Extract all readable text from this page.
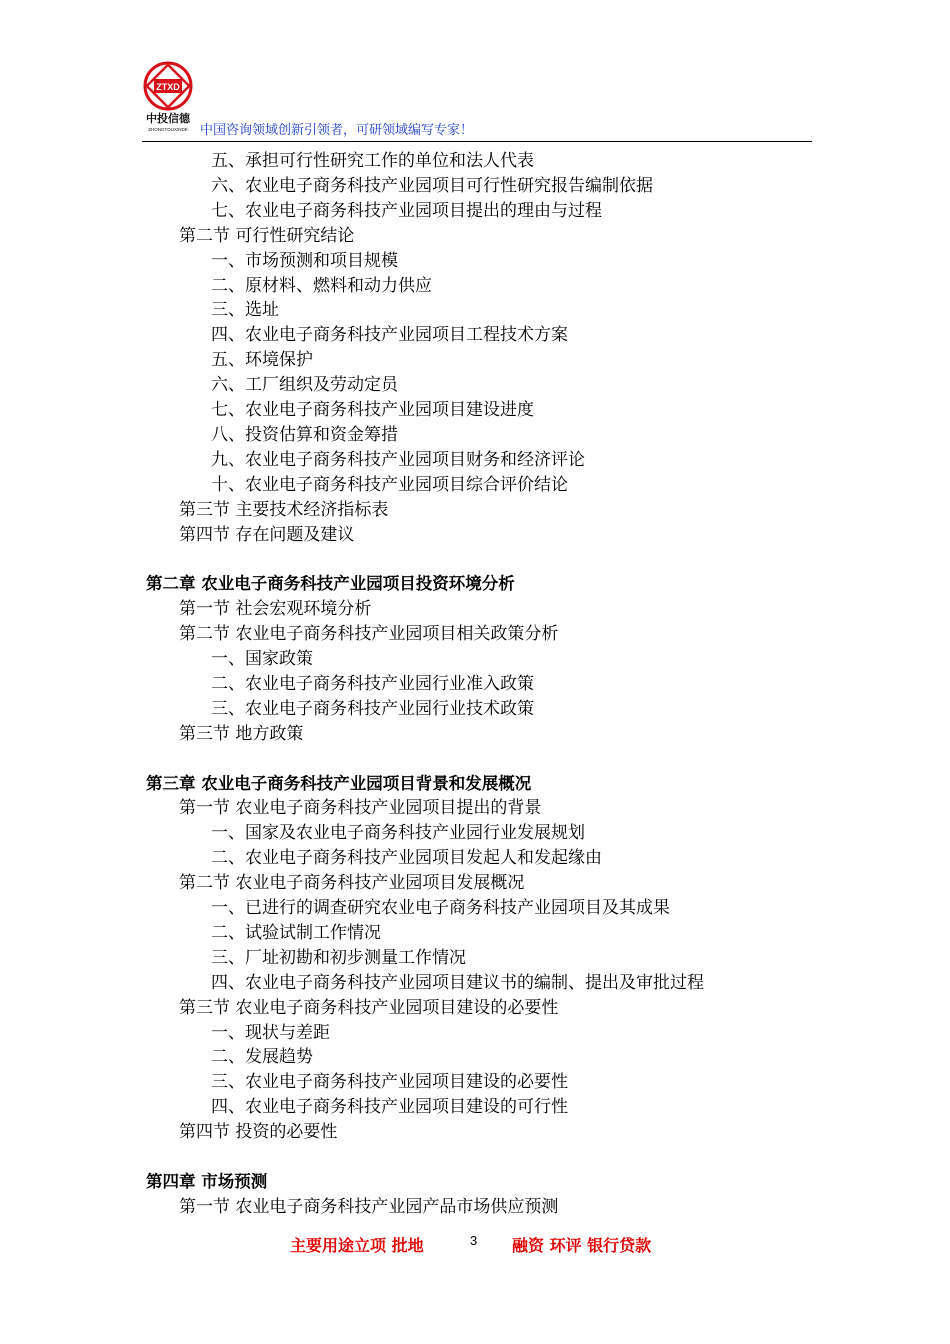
ZTXD
中投信德
ZHONGTOUXINDE 中国咨询领域创新引领者，可研领域编写专家！
五、承担可行性研究工作的单位和法人代表
六、农业电子商务科技产业园项目可行性研究报告编制依据
七、农业电子商务科技产业园项目提出的理由与过程
第二节 可行性研究结论
一、市场预测和项目规模
二、原材料、燃料和动力供应
三、选址
四、农业电子商务科技产业园项目工程技术方案
五、环境保护
六、工厂组织及劳动定员
七、农业电子商务科技产业园项目建设进度
八、投资估算和资金筹措
九、农业电子商务科技产业园项目财务和经济评论
十、农业电子商务科技产业园项目综合评价结论
第三节 主要技术经济指标表
第四节 存在问题及建议
第二章 农业电子商务科技产业园项目投资环境分析
第一节 社会宏观环境分析
第二节 农业电子商务科技产业园项目相关政策分析
一、国家政策
二、农业电子商务科技产业园行业准入政策
三、农业电子商务科技产业园行业技术政策
第三节 地方政策
第三章 农业电子商务科技产业园项目背景和发展概况
第一节 农业电子商务科技产业园项目提出的背景
一、国家及农业电子商务科技产业园行业发展规划
二、农业电子商务科技产业园项目发起人和发起缘由
第二节 农业电子商务科技产业园项目发展概况
一、已进行的调查研究农业电子商务科技产业园项目及其成果
二、试验试制工作情况
三、厂址初勘和初步测量工作情况
四、农业电子商务科技产业园项目建议书的编制、提出及审批过程
第三节 农业电子商务科技产业园项目建设的必要性
一、现状与差距
二、发展趋势
三、农业电子商务科技产业园项目建设的必要性
四、农业电子商务科技产业园项目建设的可行性
第四节 投资的必要性
第四章 市场预测
第一节 农业电子商务科技产业园产品市场供应预测
主要用途立项 批地	3 融资 环评 银行贷款
